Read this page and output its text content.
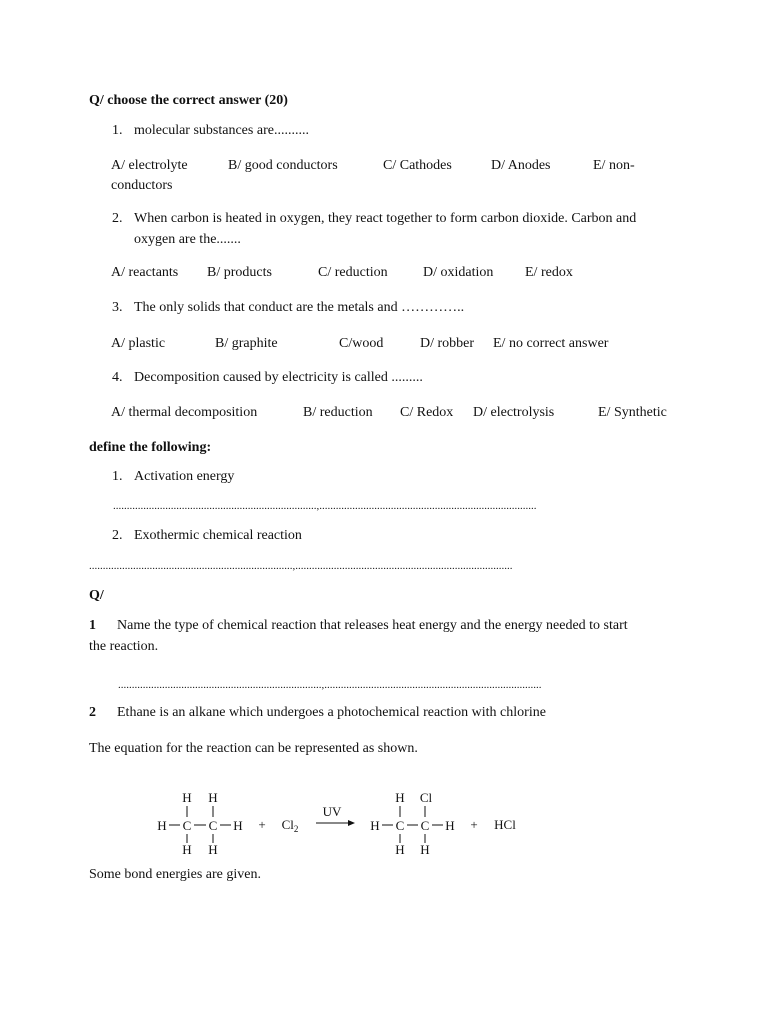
Q/ choose the correct answer (20)
1. molecular substances are..........
A/ electrolyte	B/ good conductors	C/ Cathodes	D/ Anodes	E/ non-
conductors
2. When carbon is heated in oxygen, they react together to form carbon dioxide. Carbon and
oxygen are the.......
A/ reactants B/ products	C/ reduction	D/ oxidation E/ redox
3. The only solids that conduct are the metals and …………..
A/ plastic	B/ graphite	C/wood	D/ robber E/ no correct answer
4. Decomposition caused by electricity is called .........
A/ thermal decomposition	B/ reduction C/ Redox D/ electrolysis	E/ Synthetic
define the following:
1. Activation energy
..........................................................................,...............................................................................
2. Exothermic chemical reaction
..........................................................................,...............................................................................
Q/
1 Name the type of chemical reaction that releases heat energy and the energy needed to start
the reaction.
..........................................................................,...............................................................................
2 Ethane is an alkane which undergoes a photochemical reaction with chlorine
The equation for the reaction can be represented as shown.
H H
H C C H
H H
+ $Cl_2$
UV
H Cl
H C C H
H H
+ HCl
Some bond energies are given.
